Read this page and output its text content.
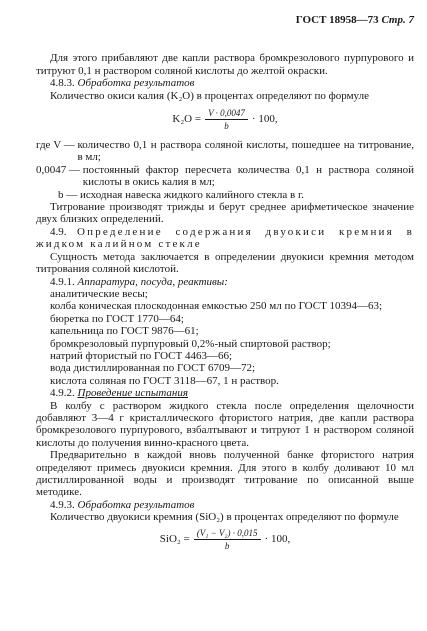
ГОСТ 18958—73 Стр. 7

Для этого прибавляют две капли раствора бромкрезолового пурпурового и титруют 0,1 н раствором соляной кислоты до желтой окраски.

4.8.3. Обработка результатов

Количество окиси калия (K₂O) в процентах определяют по формуле

$K_2O = \frac{V \cdot 0,0047}{b} \cdot 100$,
где V — количество 0,1 н раствора соляной кислоты, пошедшее на титрование, в мл;
0,0047 — постоянный фактор пересчета количества 0,1 н раствора соляной кислоты в окись калия в мл;
b — исходная навеска жидкого калийного стекла в г.

Титрование производят трижды и берут среднее арифметическое значение двух близких определений.

4.9. Определение содержания двуокиси кремния в жидком калийном стекле

Сущность метода заключается в определении двуокиси кремния методом титрования соляной кислотой.

4.9.1. Аппаратура, посуда, реактивы:

аналитические весы;

колба коническая плоскодонная емкостью 250 мл по ГОСТ 10394—63;

бюретка по ГОСТ 1770—64;

капельница по ГОСТ 9876—61;

бромкрезоловый пурпуровый 0,2%-ный спиртовой раствор;

натрий фтористый по ГОСТ 4463—66;

вода дистиллированная по ГОСТ 6709—72;

кислота соляная по ГОСТ 3118—67, 1 н раствор.

4.9.2. Проведение испытания

В колбу с раствором жидкого стекла после определения щелочности добавляют 3—4 г кристаллического фтористого натрия, две капли раствора бромкрезолового пурпурового, взбалтывают и титруют 1 н раствором соляной кислоты до получения винно-красного цвета.

Предварительно в каждой вновь полученной банке фтористого натрия определяют примесь двуокиси кремния. Для этого в колбу доливают 10 мл дистиллированной воды и производят титрование по описанной выше методике.

4.9.3. Обработка результатов

Количество двуокиси кремния (SiO₂) в процентах определяют по формуле

$SiO_2 = \frac{\text{(V₁ − V₂) · 0,015}}{b} \cdot 100$,
